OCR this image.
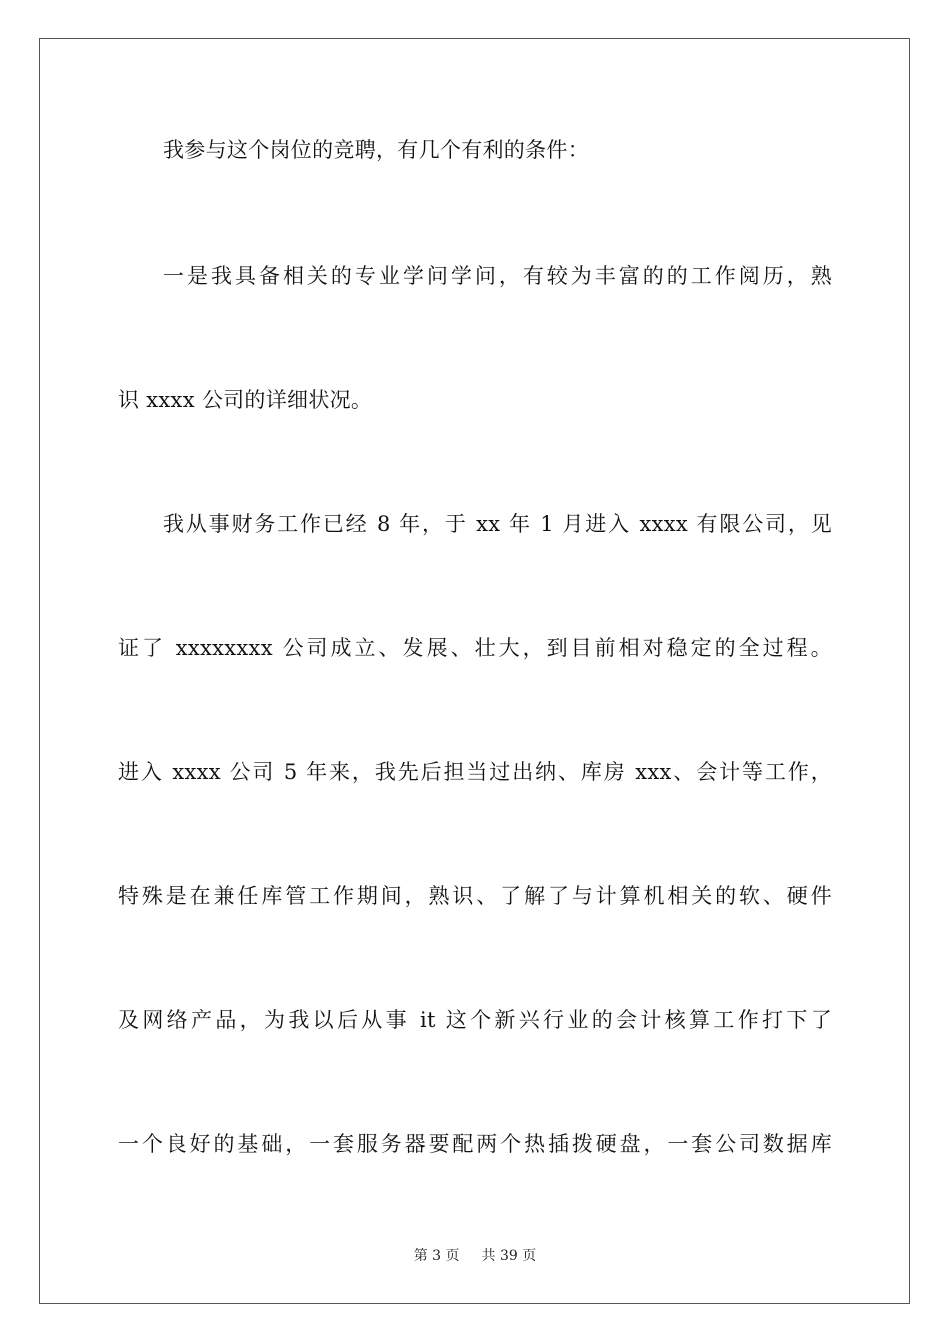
我参与这个岗位的竞聘，有几个有利的条件：
一是我具备相关的专业学问学问，有较为丰富的的工作阅历，熟
识 xxxx 公司的详细状况。
我从事财务工作已经 8 年，于 xx 年 1 月进入 xxxx 有限公司，见
证了 xxxxxxxx 公司成立、发展、壮大，到目前相对稳定的全过程。
进入 xxxx 公司 5 年来，我先后担当过出纳、库房 xxx、会计等工作，
特殊是在兼任库管工作期间，熟识、了解了与计算机相关的软、硬件
及网络产品，为我以后从事 it 这个新兴行业的会计核算工作打下了
一个良好的基础，一套服务器要配两个热插拨硬盘，一套公司数据库
第 3 页 共 39 页
